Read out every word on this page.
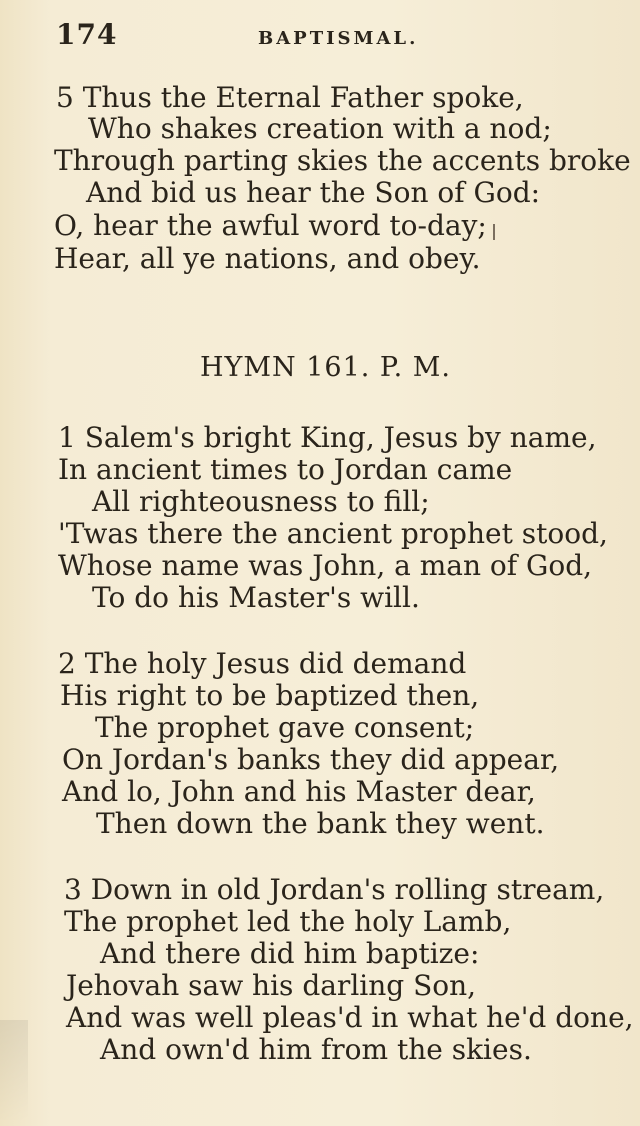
174	BAPTISMAL.
5 Thus the Eternal Father spoke,
Who shakes creation with a nod;
Through parting skies the accents broke
And bid us hear the Son of God:
O, hear the awful word to-day;
Hear, all ye nations, and obey.
HYMN 161. P. M.
1 Salem's bright King, Jesus by name,
In ancient times to Jordan came
All righteousness to fill;
'Twas there the ancient prophet stood,
Whose name was John, a man of God,
To do his Master's will.
2 The holy Jesus did demand
His right to be baptized then,
The prophet gave consent;
On Jordan's banks they did appear,
And lo, John and his Master dear,
Then down the bank they went.
3 Down in old Jordan's rolling stream,
The prophet led the holy Lamb,
And there did him baptize:
Jehovah saw his darling Son,
And was well pleas'd in what he'd done,
And own'd him from the skies.
